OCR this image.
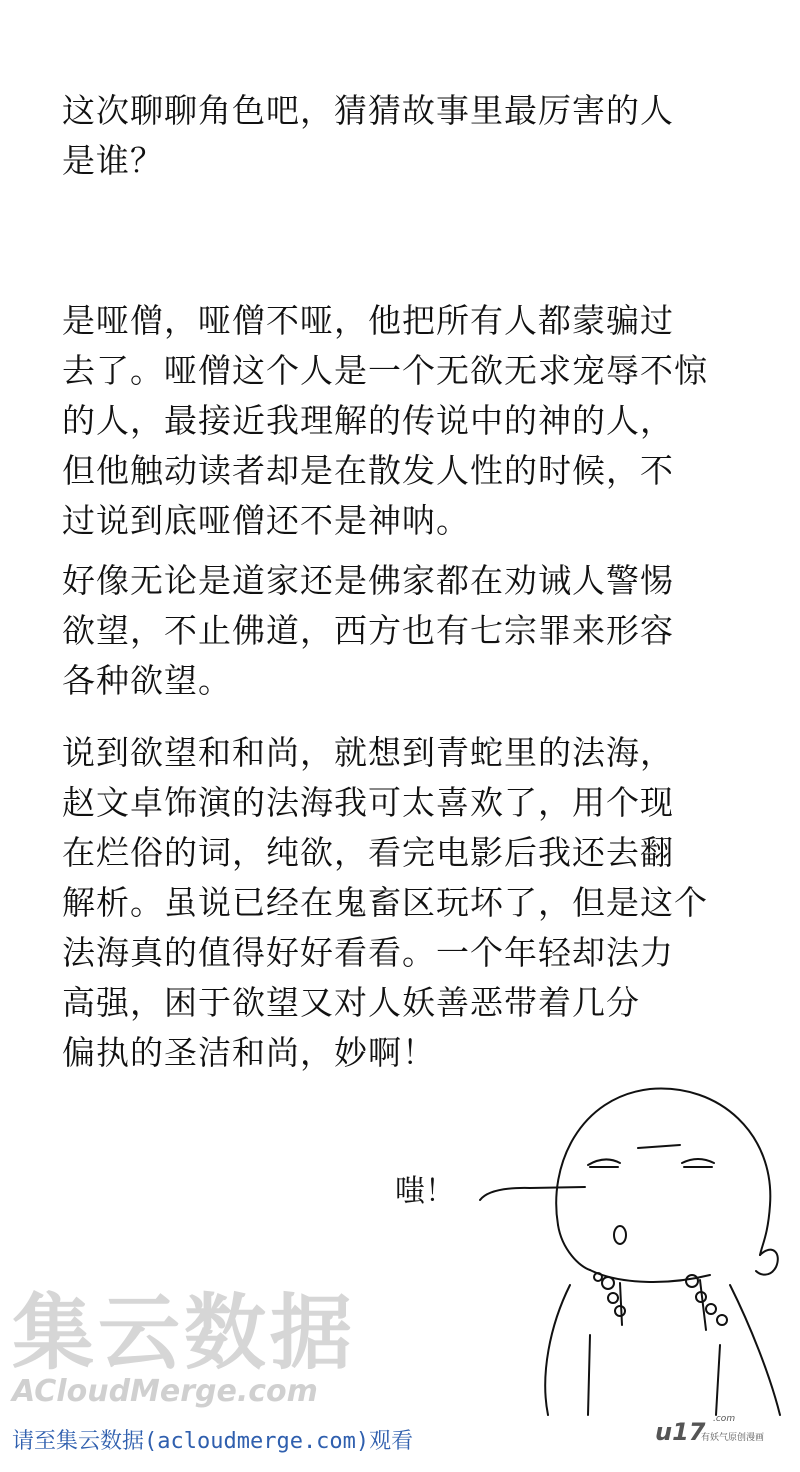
这次聊聊角色吧，猜猜故事里最厉害的人
是谁？

是哑僧，哑僧不哑，他把所有人都蒙骗过
去了。哑僧这个人是一个无欲无求宠辱不惊
的人，最接近我理解的传说中的神的人，
但他触动读者却是在散发人性的时候，不
过说到底哑僧还不是神呐。

好像无论是道家还是佛家都在劝诫人警惕
欲望，不止佛道，西方也有七宗罪来形容
各种欲望。

说到欲望和和尚，就想到青蛇里的法海，
赵文卓饰演的法海我可太喜欢了，用个现
在烂俗的词，纯欲，看完电影后我还去翻
解析。虽说已经在鬼畜区玩坏了，但是这个
法海真的值得好好看看。一个年轻却法力
高强，困于欲望又对人妖善恶带着几分
偏执的圣洁和尚，妙啊！

嗤！
集云数据
ACloudMerge.com
请至集云数据(acloudmerge.com)观看	u17 .com
有妖气原创漫画
